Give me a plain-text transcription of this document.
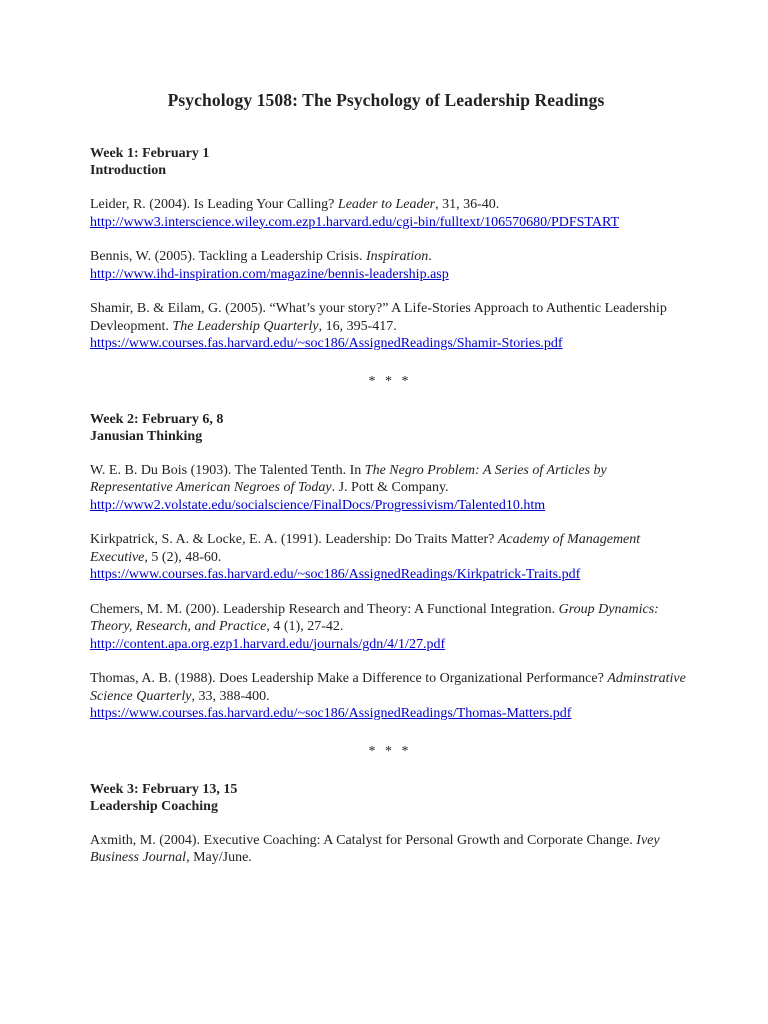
Psychology 1508: The Psychology of Leadership Readings
Week 1: February 1
Introduction

Leider, R. (2004). Is Leading Your Calling? Leader to Leader, 31, 36-40.
http://www3.interscience.wiley.com.ezp1.harvard.edu/cgi-bin/fulltext/106570680/PDFSTART

Bennis, W. (2005). Tackling a Leadership Crisis. Inspiration.
http://www.ihd-inspiration.com/magazine/bennis-leadership.asp

Shamir, B. & Eilam, G. (2005). “What’s your story?” A Life-Stories Approach to Authentic Leadership Devleopment. The Leadership Quarterly, 16, 395-417.
https://www.courses.fas.harvard.edu/~soc186/AssignedReadings/Shamir-Stories.pdf

* * *
Week 2: February 6, 8
Janusian Thinking

W. E. B. Du Bois (1903). The Talented Tenth. In The Negro Problem: A Series of Articles by Representative American Negroes of Today. J. Pott & Company.
http://www2.volstate.edu/socialscience/FinalDocs/Progressivism/Talented10.htm

Kirkpatrick, S. A. & Locke, E. A. (1991). Leadership: Do Traits Matter? Academy of Management Executive, 5 (2), 48-60.
https://www.courses.fas.harvard.edu/~soc186/AssignedReadings/Kirkpatrick-Traits.pdf

Chemers, M. M. (200). Leadership Research and Theory: A Functional Integration. Group Dynamics: Theory, Research, and Practice, 4 (1), 27-42.
http://content.apa.org.ezp1.harvard.edu/journals/gdn/4/1/27.pdf

Thomas, A. B. (1988). Does Leadership Make a Difference to Organizational Performance? Adminstrative Science Quarterly, 33, 388-400.
https://www.courses.fas.harvard.edu/~soc186/AssignedReadings/Thomas-Matters.pdf

* * *
Week 3: February 13, 15
Leadership Coaching

Axmith, M. (2004). Executive Coaching: A Catalyst for Personal Growth and Corporate Change. Ivey Business Journal, May/June.
